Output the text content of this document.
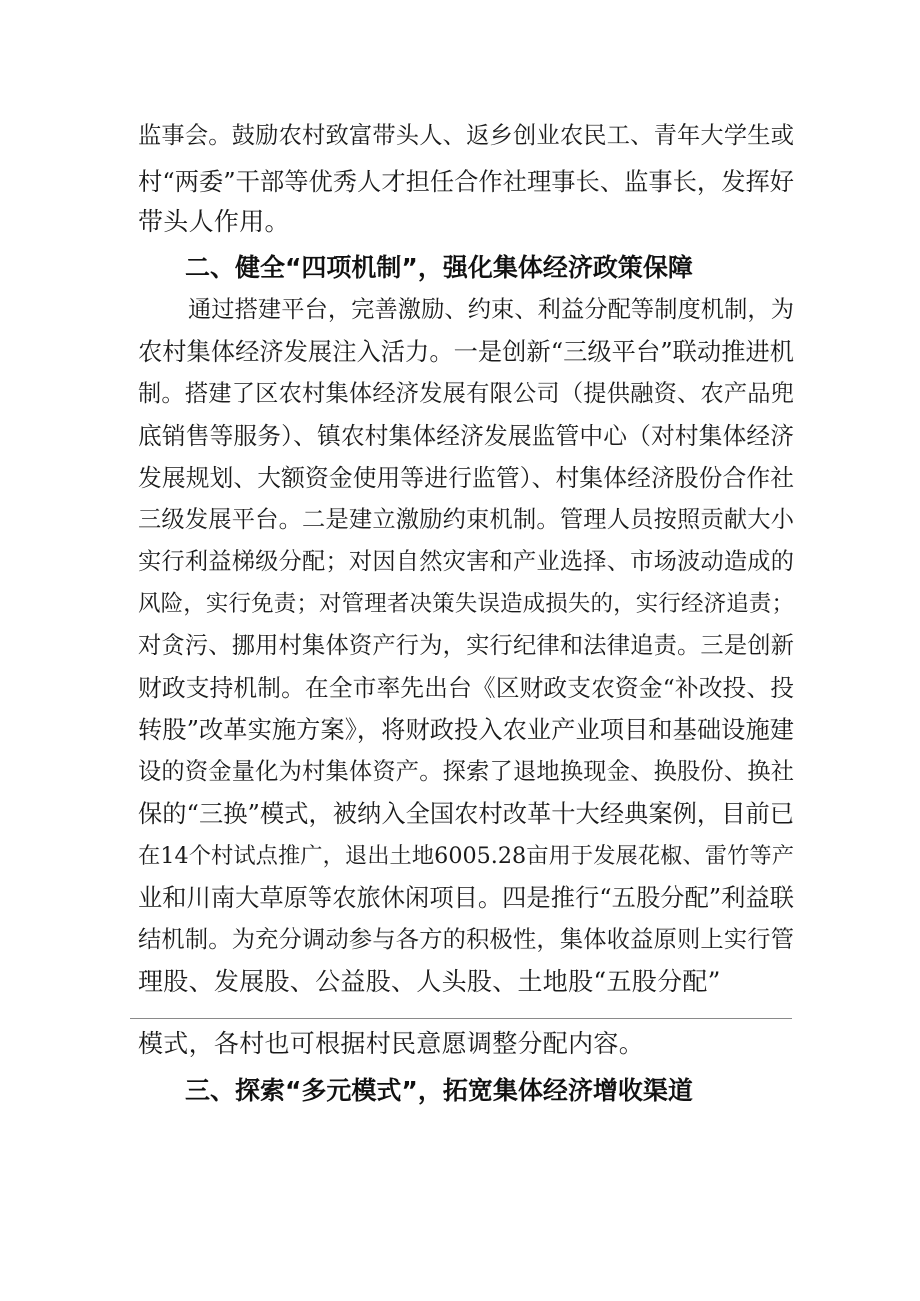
监事会。鼓励农村致富带头人、返乡创业农民工、青年大学生或
村“两委”干部等优秀人才担任合作社理事长、监事长，发挥好
带头人作用。
二、健全“四项机制”，强化集体经济政策保障
通过搭建平台，完善激励、约束、利益分配等制度机制，为
农村集体经济发展注入活力。一是创新“三级平台”联动推进机
制。搭建了区农村集体经济发展有限公司（提供融资、农产品兜
底销售等服务）、镇农村集体经济发展监管中心（对村集体经济
发展规划、大额资金使用等进行监管）、村集体经济股份合作社
三级发展平台。二是建立激励约束机制。管理人员按照贡献大小
实行利益梯级分配；对因自然灾害和产业选择、市场波动造成的
风险，实行免责；对管理者决策失误造成损失的，实行经济追责；
对贪污、挪用村集体资产行为，实行纪律和法律追责。三是创新
财政支持机制。在全市率先出台《区财政支农资金“补改投、投
转股”改革实施方案》，将财政投入农业产业项目和基础设施建
设的资金量化为村集体资产。探索了退地换现金、换股份、换社
保的“三换”模式，被纳入全国农村改革十大经典案例，目前已
在14个村试点推广，退出土地6005.28亩用于发展花椒、雷竹等产
业和川南大草原等农旅休闲项目。四是推行“五股分配”利益联
结机制。为充分调动参与各方的积极性，集体收益原则上实行管
理股、发展股、公益股、人头股、土地股“五股分配”
模式，各村也可根据村民意愿调整分配内容。
三、探索“多元模式”，拓宽集体经济增收渠道
